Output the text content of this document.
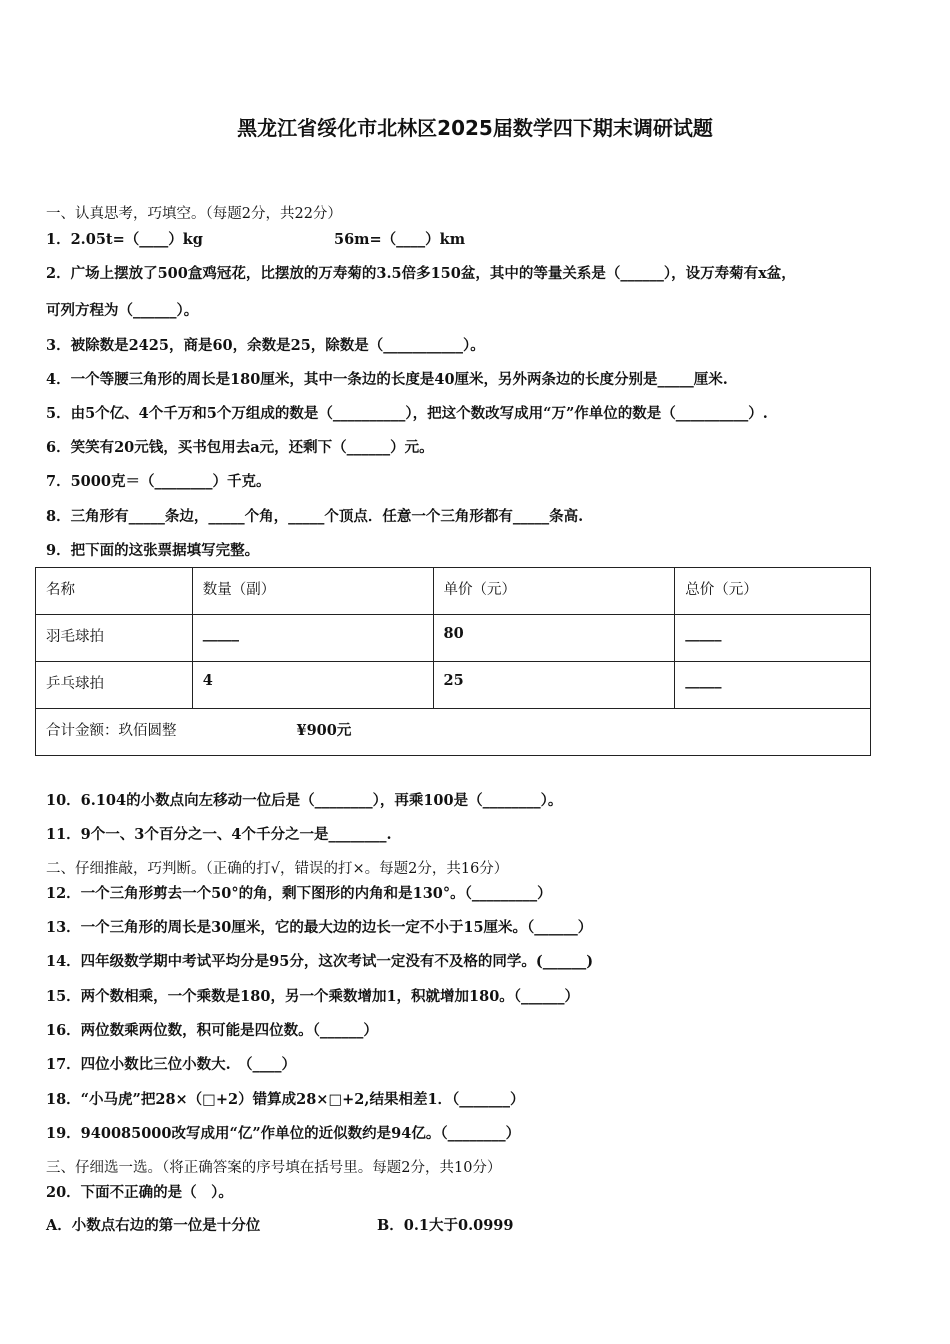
黑龙江省绥化市北林区2025届数学四下期末调研试题
一、认真思考，巧填空。（每题2分，共22分）
1．2.05t=（____）kg	56m=（____）km
2．广场上摆放了500盒鸡冠花，比摆放的万寿菊的3.5倍多150盆，其中的等量关系是（______），设万寿菊有x盆，
可列方程为（______）。
3．被除数是2425，商是60，余数是25，除数是（___________）。
4．一个等腰三角形的周长是180厘米，其中一条边的长度是40厘米，另外两条边的长度分别是_____厘米.
5．由5个亿、4个千万和5个万组成的数是（__________），把这个数改写成用“万”作单位的数是（__________）.
6．笑笑有20元钱，买书包用去a元，还剩下（______）元。
7．5000克＝（________）千克。
8．三角形有_____条边，_____个角，_____个顶点．任意一个三角形都有_____条高.
9．把下面的这张票据填写完整。
名称	数量（副）	单价（元）	总价（元）
羽毛球拍	_____	80	_____
乒乓球拍	4	25	_____
合计金额：玖佰圆整 ¥900元			
10．6.104的小数点向左移动一位后是（________），再乘100是（________）。
11．9个一、3个百分之一、4个千分之一是________.
二、仔细推敲，巧判断。（正确的打√，错误的打×。每题2分，共16分）
12．一个三角形剪去一个50°的角，剩下图形的内角和是130°。（_________）
13．一个三角形的周长是30厘米，它的最大边的边长一定不小于15厘米。（______）
14．四年级数学期中考试平均分是95分，这次考试一定没有不及格的同学。(______)
15．两个数相乘，一个乘数是180，另一个乘数增加1，积就增加180。（______）
16．两位数乘两位数，积可能是四位数。（______）
17．四位小数比三位小数大.　（____）
18．“小马虎”把28×（□+2）错算成28×□+2,结果相差1．（_______）
19．940085000改写成用“亿”作单位的近似数约是94亿。（________）
三、仔细选一选。（将正确答案的序号填在括号里。每题2分，共10分）
20．下面不正确的是（　）。
A．小数点右边的第一位是十分位	B．0.1大于0.0999
